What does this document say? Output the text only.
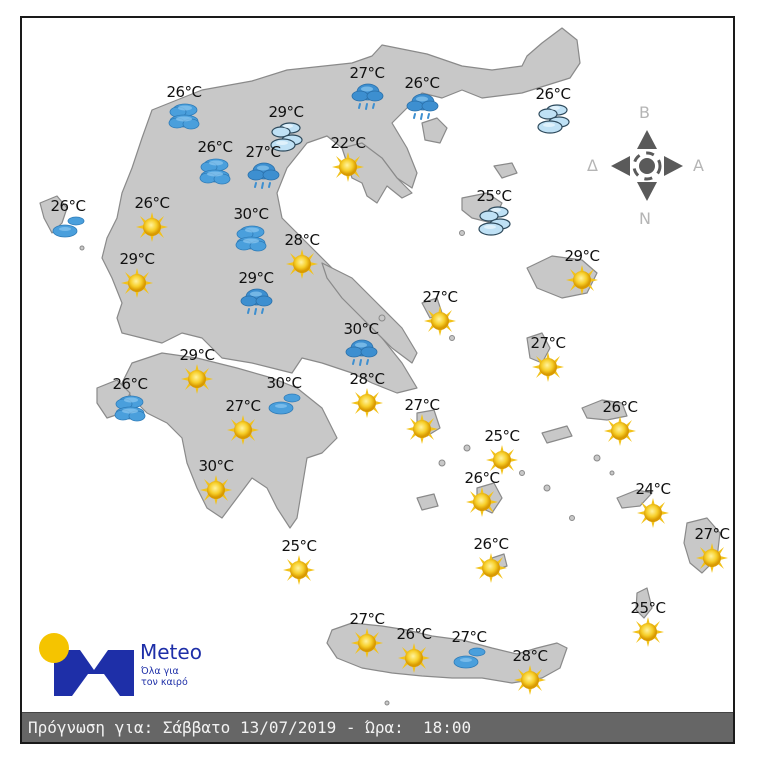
26°C
27°C
26°C
29°C
26°C
26°C 27°C	22°C
26°C	26°C
30°C
25°C
28°C
29°C	29°C
29°C
27°C
30°C
27°C
29°C
26°C	30°C	28°C
27°C	27°C	26°C
25°C
26°C
30°C
24°C
27°C
26°C
25°C
25°C
27°C
26°C	27°C
28°C
B
N
Δ	A
Meteo
Όλα για
τον καιρό
Πρόγνωση για: Σάββατο 13/07/2019 - Ώρα: 18:00
